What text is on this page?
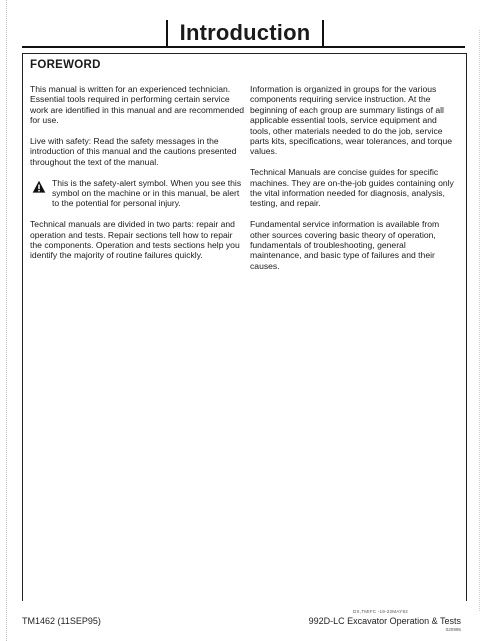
Introduction
FOREWORD

This manual is written for an experienced technician. Essential tools required in performing certain service work are identified in this manual and are recommended for use.

Live with safety: Read the safety messages in the introduction of this manual and the cautions presented throughout the text of the manual.

This is the safety-alert symbol. When you see this symbol on the machine or in this manual, be alert to the potential for personal injury.

Technical manuals are divided in two parts: repair and operation and tests. Repair sections tell how to repair the components. Operation and tests sections help you identify the majority of routine failures quickly.

Information is organized in groups for the various components requiring service instruction. At the beginning of each group are summary listings of all applicable essential tools, service equipment and tools, other materials needed to do the job, service parts kits, specifications, wear tolerances, and torque values.

Technical Manuals are concise guides for specific machines. They are on-the-job guides containing only the vital information needed for diagnosis, analysis, testing, and repair.

Fundamental service information is available from other sources covering basic theory of operation, fundamentals of troubleshooting, general maintenance, and basic type of failures and their causes.

DX,TMIFC -19-22MAY92
TM1462 (11SEP95)	992D-LC Excavator Operation & Tests
020995
